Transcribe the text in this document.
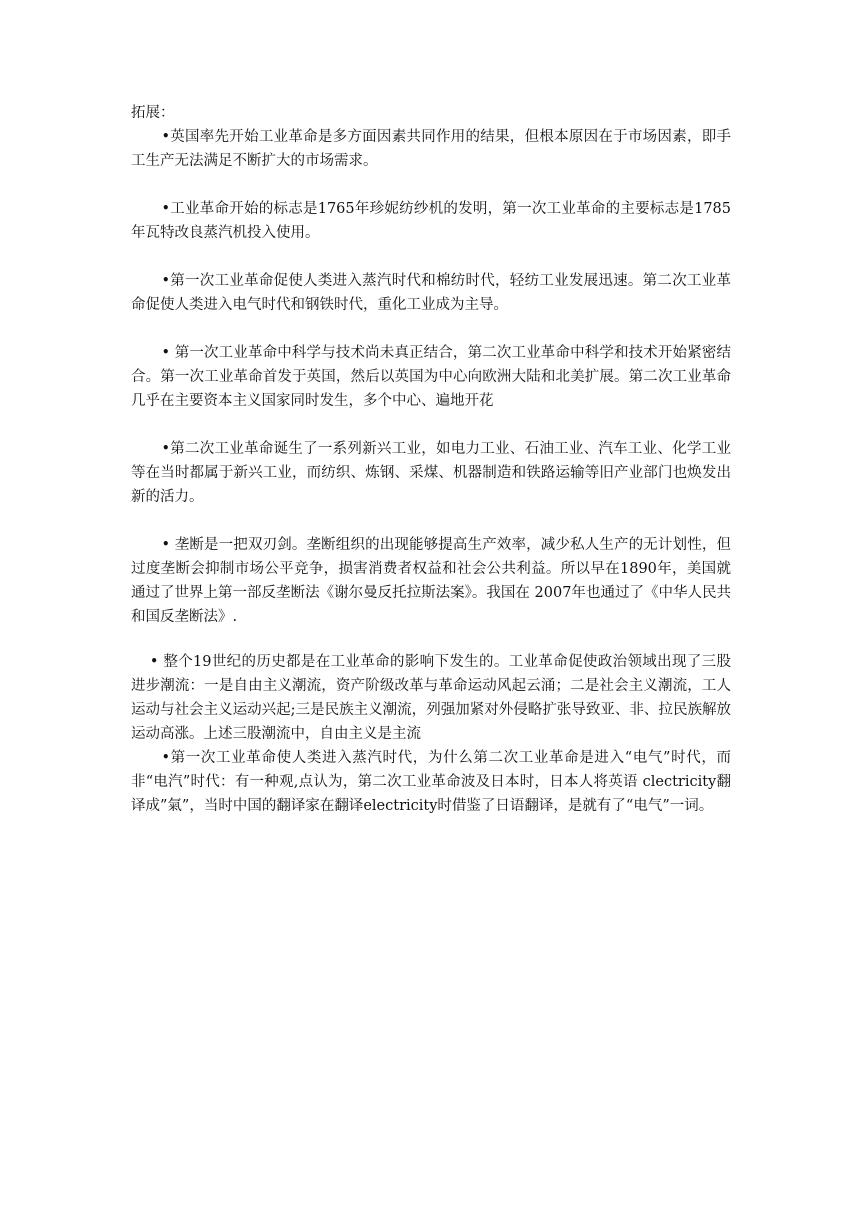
拓展：

•英国率先开始工业革命是多方面因素共同作用的结果，但根本原因在于市场因素，即手工生产无法满足不断扩大的市场需求。

•工业革命开始的标志是1765年珍妮纺纱机的发明，第一次工业革命的主要标志是1785年瓦特改良蒸汽机投入使用。

•第一次工业革命促使人类进入蒸汽时代和棉纺时代，轻纺工业发展迅速。第二次工业革命促使人类进入电气时代和钢铁时代，重化工业成为主导。

• 第一次工业革命中科学与技术尚未真正结合，第二次工业革命中科学和技术开始紧密结合。第一次工业革命首发于英国，然后以英国为中心向欧洲大陆和北美扩展。第二次工业革命几乎在主要资本主义国家同时发生，多个中心、遍地开花

•第二次工业革命诞生了一系列新兴工业，如电力工业、石油工业、汽车工业、化学工业等在当时都属于新兴工业，而纺织、炼钢、采煤、机器制造和铁路运输等旧产业部门也焕发出新的活力。

• 垄断是一把双刃剑。垄断组织的出现能够提高生产效率，减少私人生产的无计划性，但过度垄断会抑制市场公平竞争，损害消费者权益和社会公共利益。所以早在1890年，美国就通过了世界上第一部反垄断法《谢尔曼反托拉斯法案》。我国在 2007年也通过了《中华人民共和国反垄断法》.

• 整个19世纪的历史都是在工业革命的影响下发生的。工业革命促使政治领域出现了三股进步潮流：一是自由主义潮流，资产阶级改革与革命运动风起云涌；二是社会主义潮流，工人运动与社会主义运动兴起;三是民族主义潮流，列强加紧对外侵略扩张导致亚、非、拉民族解放运动高涨。上述三股潮流中，自由主义是主流

•第一次工业革命使人类进入蒸汽时代，为什么第二次工业革命是进入“电气”时代，而非“电汽”时代：有一种观,点认为，第二次工业革命波及日本时，日本人将英语 clectricity翻译成”氣”，当时中国的翻译家在翻译electricity时借鉴了日语翻译，是就有了“电气”一词。
